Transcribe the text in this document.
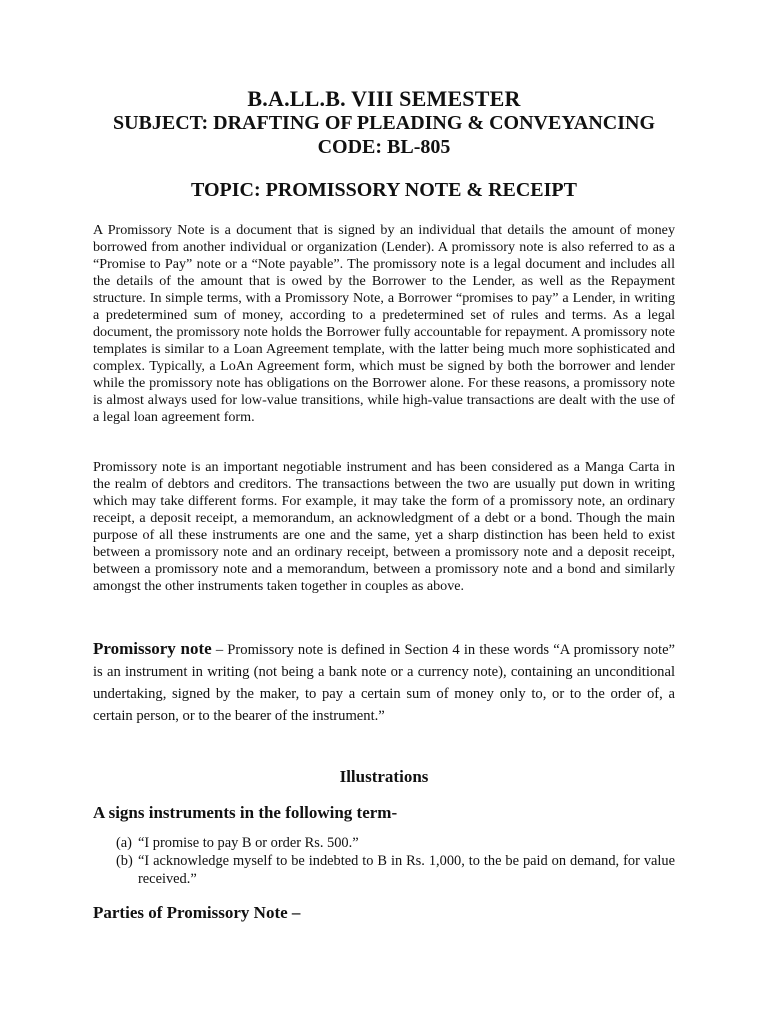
B.A.LL.B. VIII SEMESTER
SUBJECT: DRAFTING OF PLEADING & CONVEYANCING
CODE: BL-805
TOPIC: PROMISSORY NOTE & RECEIPT

A Promissory Note is a document that is signed by an individual that details the amount of money borrowed from another individual or organization (Lender). A promissory note is also referred to as a “Promise to Pay” note or a “Note payable”. The promissory note is a legal document and includes all the details of the amount that is owed by the Borrower to the Lender, as well as the Repayment structure. In simple terms, with a Promissory Note, a Borrower “promises to pay” a Lender, in writing a predetermined sum of money, according to a predetermined set of rules and terms. As a legal document, the promissory note holds the Borrower fully accountable for repayment. A promissory note templates is similar to a Loan Agreement template, with the latter being much more sophisticated and complex. Typically, a LoAn Agreement form, which must be signed by both the borrower and lender while the promissory note has obligations on the Borrower alone. For these reasons, a promissory note is almost always used for low-value transitions, while high-value transactions are dealt with the use of a legal loan agreement form.

Promissory note is an important negotiable instrument and has been considered as a Manga Carta in the realm of debtors and creditors. The transactions between the two are usually put down in writing which may take different forms. For example, it may take the form of a promissory note, an ordinary receipt, a deposit receipt, a memorandum, an acknowledgment of a debt or a bond. Though the main purpose of all these instruments are one and the same, yet a sharp distinction has been held to exist between a promissory note and an ordinary receipt, between a promissory note and a deposit receipt, between a promissory note and a memorandum, between a promissory note and a bond and similarly amongst the other instruments taken together in couples as above.

Promissory note – Promissory note is defined in Section 4 in these words “A promissory note” is an instrument in writing (not being a bank note or a currency note), containing an unconditional undertaking, signed by the maker, to pay a certain sum of money only to, or to the order of, a certain person, or to the bearer of the instrument.”

Illustrations
A signs instruments in the following term-
(a) “I promise to pay B or order Rs. 500.”
(b) “I acknowledge myself to be indebted to B in Rs. 1,000, to the be paid on demand, for value received.”
Parties of Promissory Note –
